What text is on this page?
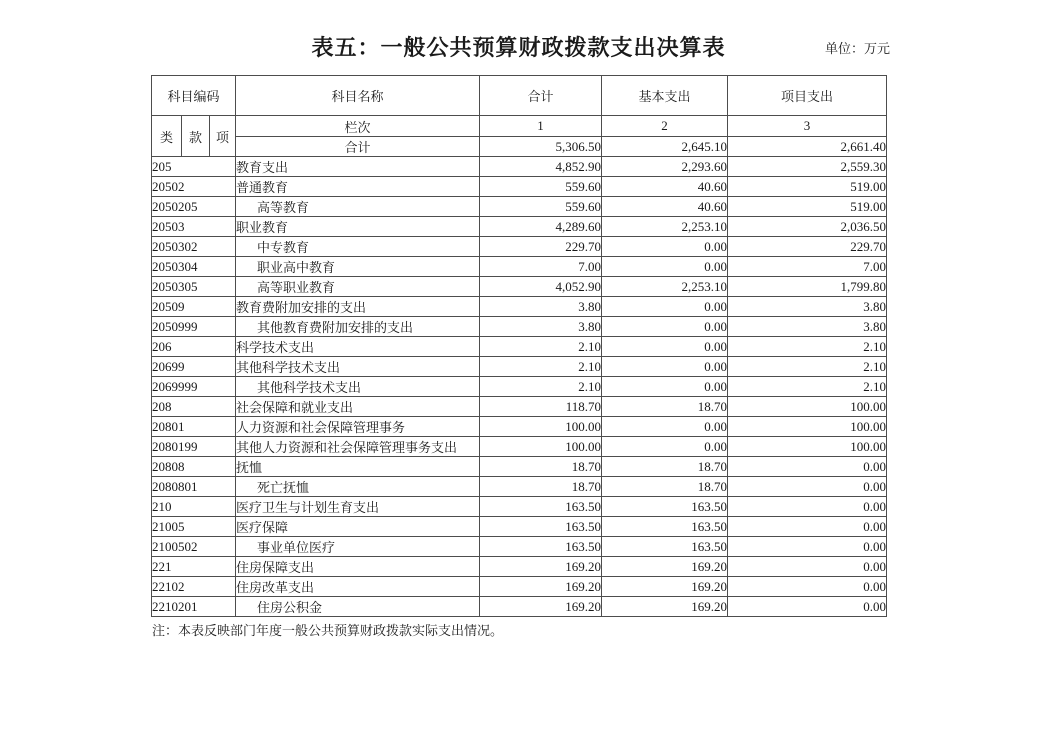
表五：一般公共预算财政拨款支出决算表	单位：万元
科目编码			科目名称	合计	基本支出	项目支出
类	款	项	栏次	1	2	3
			合计	5,306.50	2,645.10	2,661.40
205			教育支出	4,852.90	2,293.60	2,559.30
20502			普通教育	559.60	40.60	519.00
2050205			高等教育	559.60	40.60	519.00
20503			职业教育	4,289.60	2,253.10	2,036.50
2050302			中专教育	229.70	0.00	229.70
2050304			职业高中教育	7.00	0.00	7.00
2050305			高等职业教育	4,052.90	2,253.10	1,799.80
20509			教育费附加安排的支出	3.80	0.00	3.80
2050999			其他教育费附加安排的支出	3.80	0.00	3.80
206			科学技术支出	2.10	0.00	2.10
20699			其他科学技术支出	2.10	0.00	2.10
2069999			其他科学技术支出	2.10	0.00	2.10
208			社会保障和就业支出	118.70	18.70	100.00
20801			人力资源和社会保障管理事务	100.00	0.00	100.00
2080199			其他人力资源和社会保障管理事务支出	100.00	0.00	100.00
20808			抚恤	18.70	18.70	0.00
2080801			死亡抚恤	18.70	18.70	0.00
210			医疗卫生与计划生育支出	163.50	163.50	0.00
21005			医疗保障	163.50	163.50	0.00
2100502			事业单位医疗	163.50	163.50	0.00
221			住房保障支出	169.20	169.20	0.00
22102			住房改革支出	169.20	169.20	0.00
2210201			住房公积金	169.20	169.20	0.00
注：本表反映部门年度一般公共预算财政拨款实际支出情况。
